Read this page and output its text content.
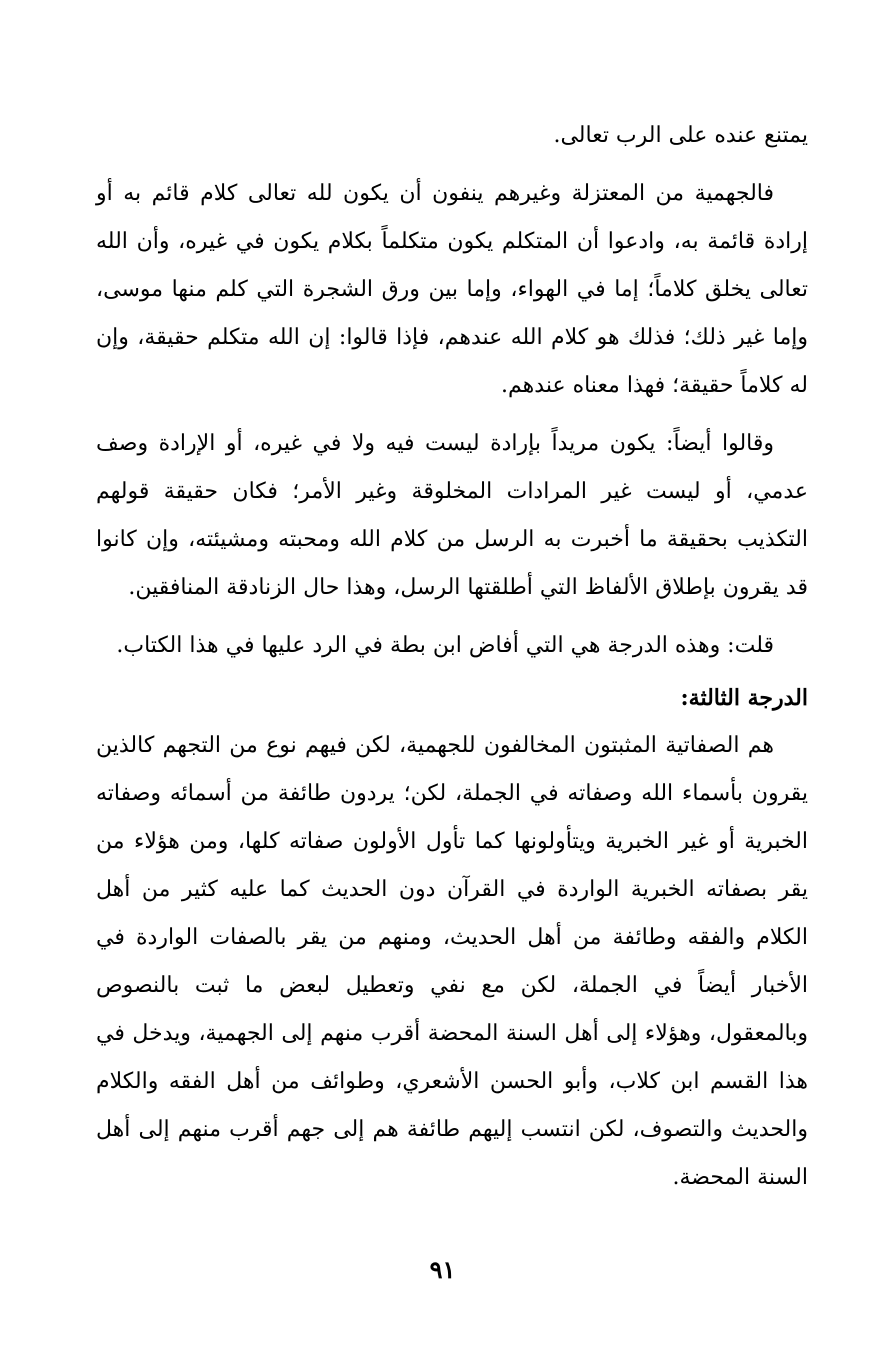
يمتنع عنده على الرب تعالى.

فالجهمية من المعتزلة وغيرهم ينفون أن يكون لله تعالى كلام قائم به أو إرادة قائمة به، وادعوا أن المتكلم يكون متكلماً بكلام يكون في غيره، وأن الله تعالى يخلق كلاماً؛ إما في الهواء، وإما بين ورق الشجرة التي كلم منها موسى، وإما غير ذلك؛ فذلك هو كلام الله عندهم، فإذا قالوا: إن الله متكلم حقيقة، وإن له كلاماً حقيقة؛ فهذا معناه عندهم.

وقالوا أيضاً: يكون مريداً بإرادة ليست فيه ولا في غيره، أو الإرادة وصف عدمي، أو ليست غير المرادات المخلوقة وغير الأمر؛ فكان حقيقة قولهم التكذيب بحقيقة ما أخبرت به الرسل من كلام الله ومحبته ومشيئته، وإن كانوا قد يقرون بإطلاق الألفاظ التي أطلقتها الرسل، وهذا حال الزنادقة المنافقين.

قلت: وهذه الدرجة هي التي أفاض ابن بطة في الرد عليها في هذا الكتاب.

الدرجة الثالثة:

هم الصفاتية المثبتون المخالفون للجهمية، لكن فيهم نوع من التجهم كالذين يقرون بأسماء الله وصفاته في الجملة، لكن؛ يردون طائفة من أسمائه وصفاته الخبرية أو غير الخبرية ويتأولونها كما تأول الأولون صفاته كلها، ومن هؤلاء من يقر بصفاته الخبرية الواردة في القرآن دون الحديث كما عليه كثير من أهل الكلام والفقه وطائفة من أهل الحديث، ومنهم من يقر بالصفات الواردة في الأخبار أيضاً في الجملة، لكن مع نفي وتعطيل لبعض ما ثبت بالنصوص وبالمعقول، وهؤلاء إلى أهل السنة المحضة أقرب منهم إلى الجهمية، ويدخل في هذا القسم ابن كلاب، وأبو الحسن الأشعري، وطوائف من أهل الفقه والكلام والحديث والتصوف، لكن انتسب إليهم طائفة هم إلى جهم أقرب منهم إلى أهل السنة المحضة.

٩١
